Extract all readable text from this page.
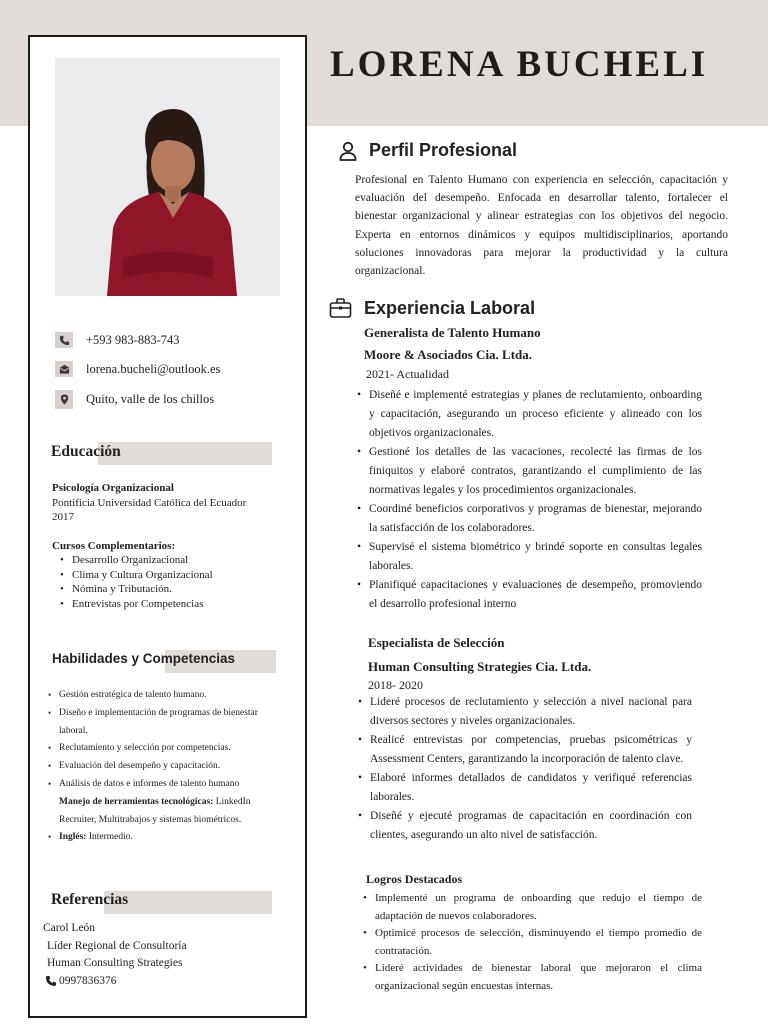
+593 983-883-743
lorena.bucheli@outlook.es
Quito, valle de los chillos
Educación
Psicología Organizacional
Pontificia Universidad Católica del Ecuador
2017
Cursos Complementarios:
• Desarrollo Organizacional
• Clima y Cultura Organizacional
• Nómina y Tributación.
• Entrevistas por Competencias
Habilidades y Competencias
• Gestión estratégica de talento humano.
• Diseño e implementación de programas de bienestar laboral.
• Reclutamiento y selección por competencias.
• Evaluación del desempeño y capacitación.
• Análisis de datos e informes de talento humano
Manejo de herramientas tecnológicas: LinkedIn Recruiter, Multitrabajos y sistemas biométricos.
• Inglés: Intermedio.
Referencias
Carol León
Líder Regional de Consultoría
Human Consulting Strategies
0997836376
LORENA BUCHELI
Perfil Profesional
Profesional en Talento Humano con experiencia en selección, capacitación y evaluación del desempeño. Enfocada en desarrollar talento, fortalecer el bienestar organizacional y alinear estrategias con los objetivos del negocio. Experta en entornos dinámicos y equipos multidisciplinarios, aportando soluciones innovadoras para mejorar la productividad y la cultura organizacional.
Experiencia Laboral
Generalista de Talento Humano
Moore & Asociados Cia. Ltda.
2021- Actualidad
• Diseñé e implementé estrategias y planes de reclutamiento, onboarding y capacitación, asegurando un proceso eficiente y alineado con los objetivos organizacionales.
• Gestioné los detalles de las vacaciones, recolecté las firmas de los finiquitos y elaboré contratos, garantizando el cumplimiento de las normativas legales y los procedimientos organizacionales.
• Coordiné beneficios corporativos y programas de bienestar, mejorando la satisfacción de los colaboradores.
• Supervisé el sistema biométrico y brindé soporte en consultas legales laborales.
• Planifiqué capacitaciones y evaluaciones de desempeño, promoviendo el desarrollo profesional interno
Especialista de Selección
Human Consulting Strategies Cia. Ltda.
2018- 2020
• Lideré procesos de reclutamiento y selección a nivel nacional para diversos sectores y niveles organizacionales.
• Realicé entrevistas por competencias, pruebas psicométricas y Assessment Centers, garantizando la incorporación de talento clave.
• Elaboré informes detallados de candidatos y verifiqué referencias laborales.
• Diseñé y ejecuté programas de capacitación en coordinación con clientes, asegurando un alto nivel de satisfacción.
Logros Destacados
• Implementé un programa de onboarding que redujo el tiempo de adaptación de nuevos colaboradores.
• Optimicé procesos de selección, disminuyendo el tiempo promedio de contratación.
• Lideré actividades de bienestar laboral que mejoraron el clima organizacional según encuestas internas.
